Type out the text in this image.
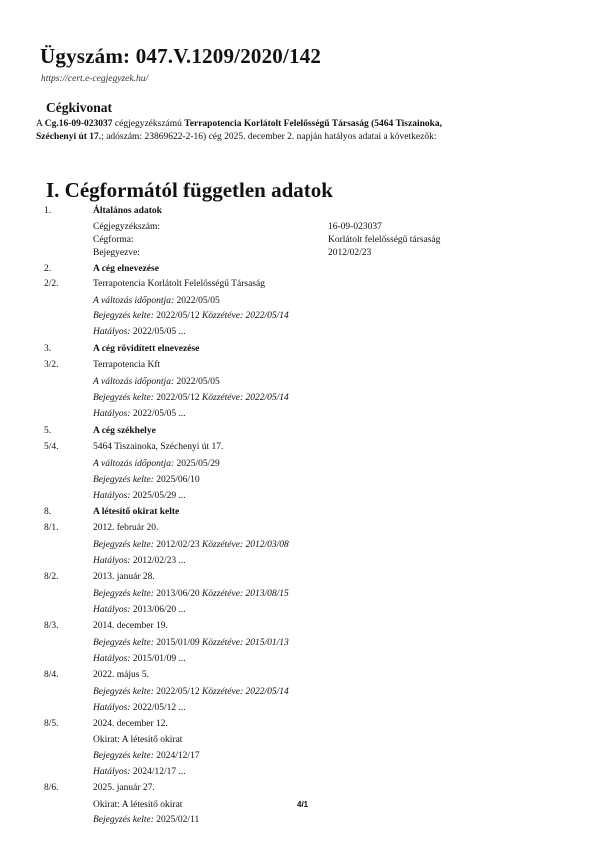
Ügyszám: 047.V.1209/2020/142
https://cert.e-cegjegyzek.hu/
Cégkivonat
A Cg.16-09-023037 cégjegyzékszámú Terrapotencia Korlátolt Felelősségű Társaság (5464 Tiszainoka,
Széchenyi út 17.; adószám: 23869622-2-16) cég 2025. december 2. napján hatályos adatai a következők:
I. Cégformától független adatok
1.	Általános adatok
Cégjegyzékszám:	16-09-023037
Cégforma:	Korlátolt felelősségű társaság
Bejegyezve:	2012/02/23
2.	A cég elnevezése
2/2.	Terrapotencia Korlátolt Felelősségű Társaság
A változás időpontja: 2022/05/05
Bejegyzés kelte: 2022/05/12 Közzétéve: 2022/05/14
Hatályos: 2022/05/05 ...
3.	A cég rövidített elnevezése
3/2.	Terrapotencia Kft
A változás időpontja: 2022/05/05
Bejegyzés kelte: 2022/05/12 Közzétéve: 2022/05/14
Hatályos: 2022/05/05 ...
5.	A cég székhelye
5/4.	5464 Tiszainoka, Széchenyi út 17.
A változás időpontja: 2025/05/29
Bejegyzés kelte: 2025/06/10
Hatályos: 2025/05/29 ...
8.	A létesítő okirat kelte
8/1.	2012. február 20.
Bejegyzés kelte: 2012/02/23 Közzétéve: 2012/03/08
Hatályos: 2012/02/23 ...
8/2.	2013. január 28.
Bejegyzés kelte: 2013/06/20 Közzétéve: 2013/08/15
Hatályos: 2013/06/20 ...
8/3.	2014. december 19.
Bejegyzés kelte: 2015/01/09 Közzétéve: 2015/01/13
Hatályos: 2015/01/09 ...
8/4.	2022. május 5.
Bejegyzés kelte: 2022/05/12 Közzétéve: 2022/05/14
Hatályos: 2022/05/12 ...
8/5.	2024. december 12.
Okirat: A létesítő okirat
Bejegyzés kelte: 2024/12/17
Hatályos: 2024/12/17 ...
8/6.	2025. január 27.
Okirat: A létesítő okirat
Bejegyzés kelte: 2025/02/11
4/1
